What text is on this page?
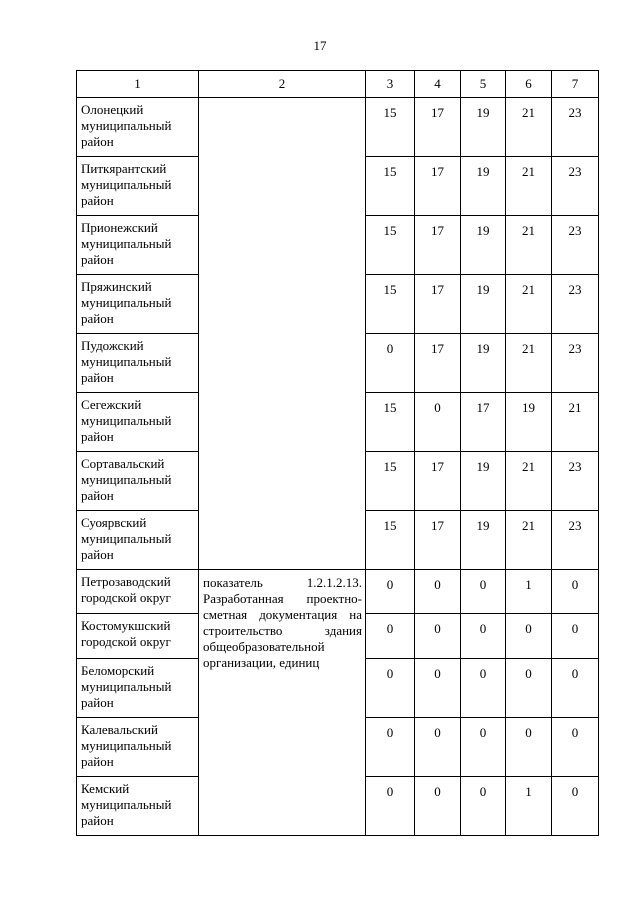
17
1	2	3	4	5	6	7
Олонецкий муниципальный район		15	17	19	21	23
Питкярантский муниципальный район		15	17	19	21	23
Прионежский муниципальный район		15	17	19	21	23
Пряжинский муниципальный район		15	17	19	21	23
Пудожский муниципальный район		0	17	19	21	23
Сегежский муниципальный район		15	0	17	19	21
Сортавальский муниципальный район		15	17	19	21	23
Суоярвский муниципальный район		15	17	19	21	23
Петрозаводский городской округ	показатель 1.2.1.2.13. Разработанная проектно-сметная документация на строительство здания общеобразовательной организации, единиц	0	0	0	1	0
Костомукшский городской округ		0	0	0	0	0
Беломорский муниципальный район		0	0	0	0	0
Калевальский муниципальный район		0	0	0	0	0
Кемский муниципальный район		0	0	0	1	0
